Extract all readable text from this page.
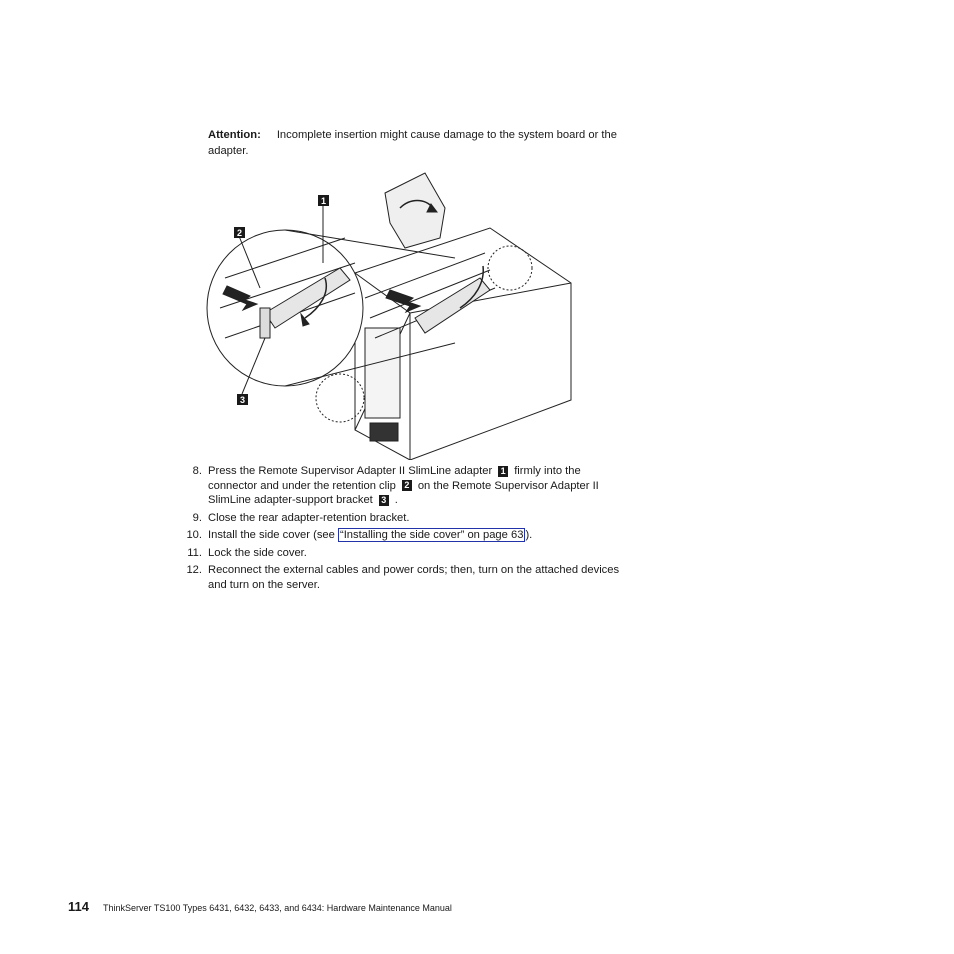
Attention: Incomplete insertion might cause damage to the system board or the adapter.
1
2
3
8. Press the Remote Supervisor Adapter II SlimLine adapter 1 firmly into the connector and under the retention clip 2 on the Remote Supervisor Adapter II SlimLine adapter-support bracket 3 .
9. Close the rear adapter-retention bracket.
10. Install the side cover (see “Installing the side cover” on page 63 ).
11. Lock the side cover.
12. Reconnect the external cables and power cords; then, turn on the attached devices and turn on the server.
114 ThinkServer TS100 Types 6431, 6432, 6433, and 6434: Hardware Maintenance Manual
